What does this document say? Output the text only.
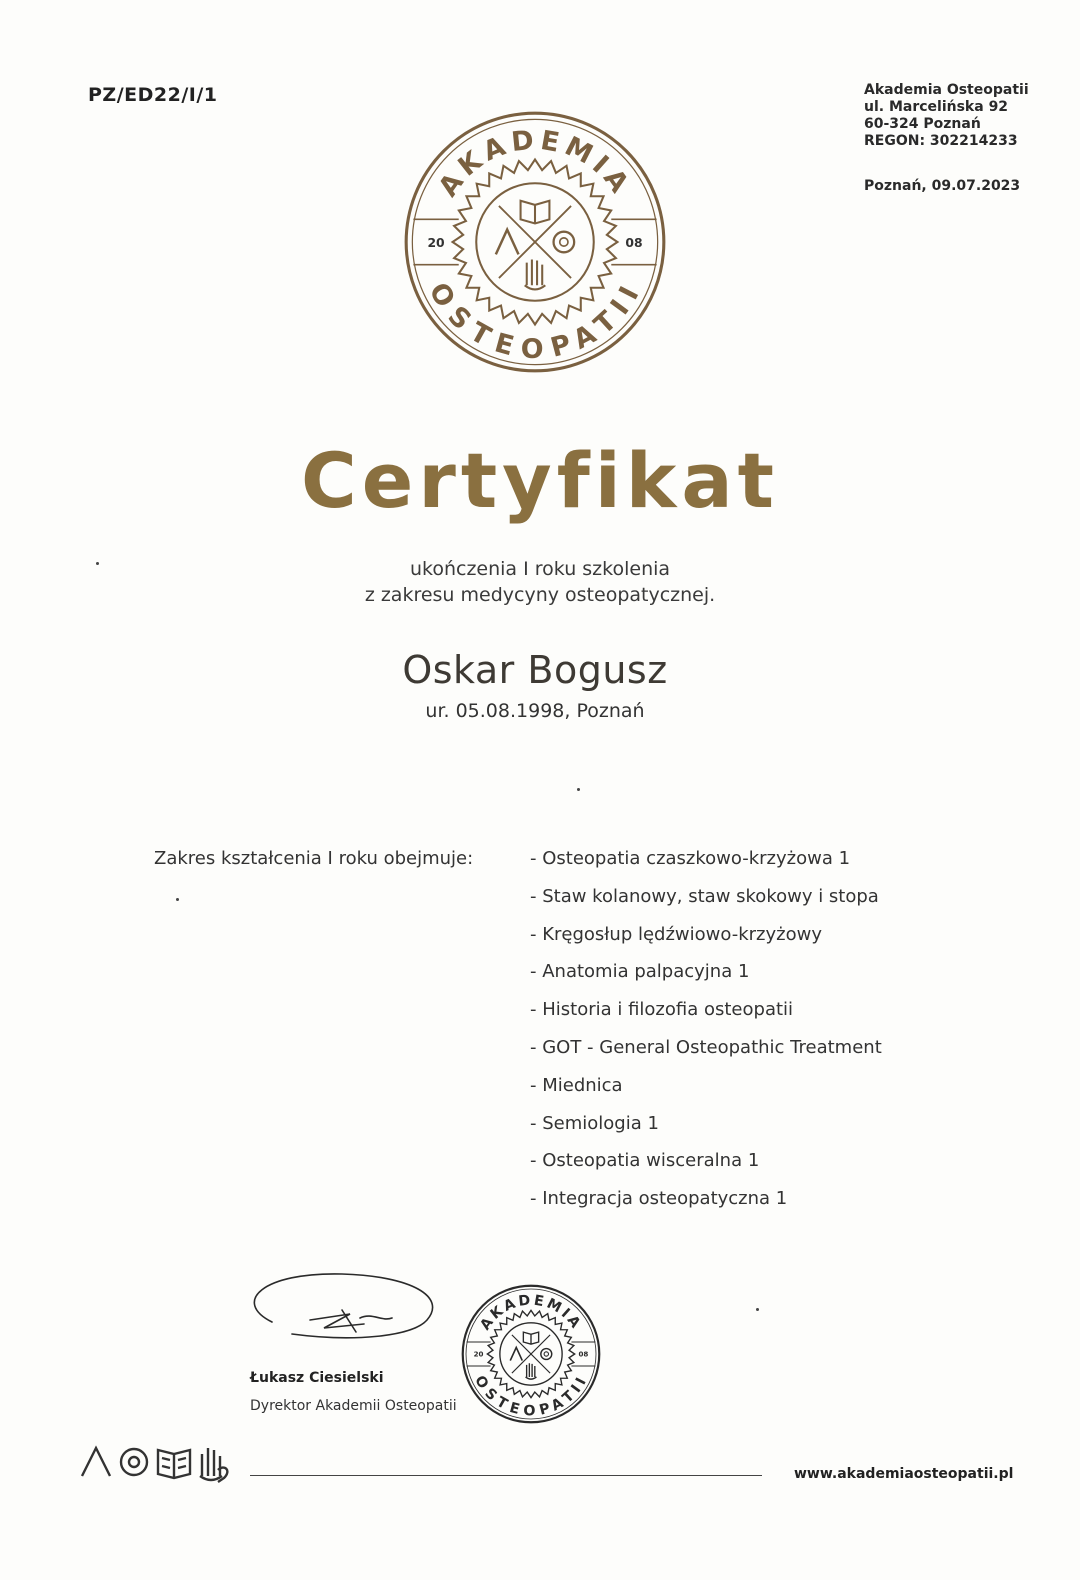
PZ/ED22/I/1	Akademia Osteopatii
ul. Marcelińska 92
60-324 Poznań
REGON: 302214233
Poznań, 09.07.2023
AKADEMIA
OSTEOPATII
20	08
Certyfikat
ukończenia I roku szkolenia
z zakresu medycyny osteopatycznej.
Oskar Bogusz
ur. 05.08.1998, Poznań
Zakres kształcenia I roku obejmuje:	- Osteopatia czaszkowo-krzyżowa 1
- Staw kolanowy, staw skokowy i stopa
- Kręgosłup lędźwiowo-krzyżowy
- Anatomia palpacyjna 1
- Historia i filozofia osteopatii
- GOT - General Osteopathic Treatment
- Miednica
- Semiologia 1
- Osteopatia wisceralna 1
- Integracja osteopatyczna 1
Łukasz Ciesielski
Dyrektor Akademii Osteopatii
AKADEMIA
OSTEOPATII
20	08
www.akademiaosteopatii.pl
